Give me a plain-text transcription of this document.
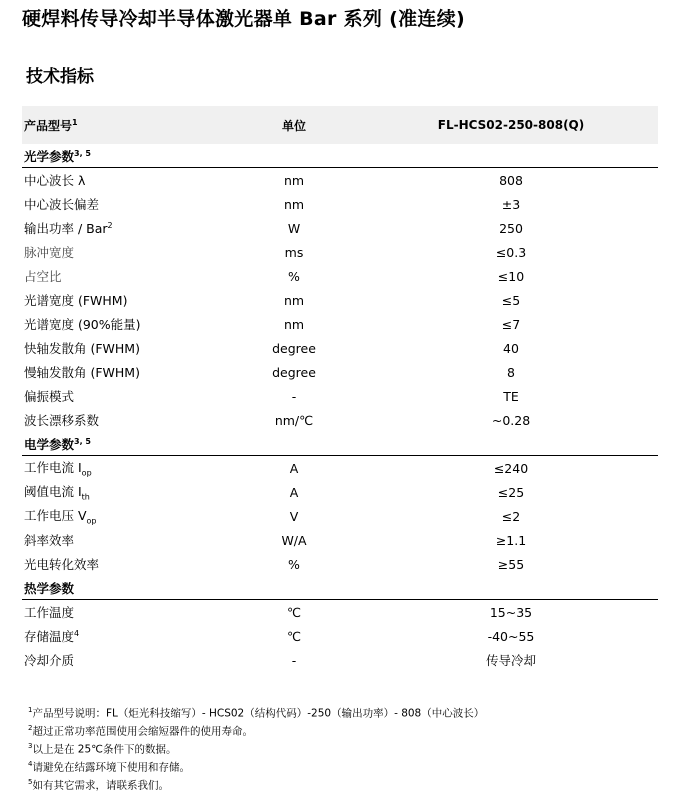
硬焊料传导冷却半导体激光器单 Bar 系列 (准连续)
技术指标
产品型号$^1$	单位	FL-HCS02-250-808(Q)
光学参数$^{3, 5}$
中心波长 λ	nm	808
中心波长偏差	nm	±3
输出功率 / Bar$^2$	W	250
脉冲宽度	ms	≤0.3
占空比	%	≤10
光谱宽度 (FWHM)	nm	≤5
光谱宽度 (90%能量)	nm	≤7
快轴发散角 (FWHM)	degree	40
慢轴发散角 (FWHM)	degree	8
偏振模式	-	TE
波长漂移系数	nm/℃	~0.28
电学参数$^{3, 5}$
工作电流 $I_{op}$	A	≤240
阈值电流 $I_{th}$	A	≤25
工作电压 $V_{op}$	V	≤2
斜率效率	W/A	≥1.1
光电转化效率	%	≥55
热学参数
工作温度	℃	15~35
存储温度$^4$	℃	-40~55
冷却介质	-	传导冷却
$^1$产品型号说明：FL（炬光科技缩写）- HCS02（结构代码）-250（输出功率）- 808（中心波长）
$^2$超过正常功率范围使用会缩短器件的使用寿命。
$^3$以上是在 25℃条件下的数据。
$^4$请避免在结露环境下使用和存储。
$^5$如有其它需求，请联系我们。
